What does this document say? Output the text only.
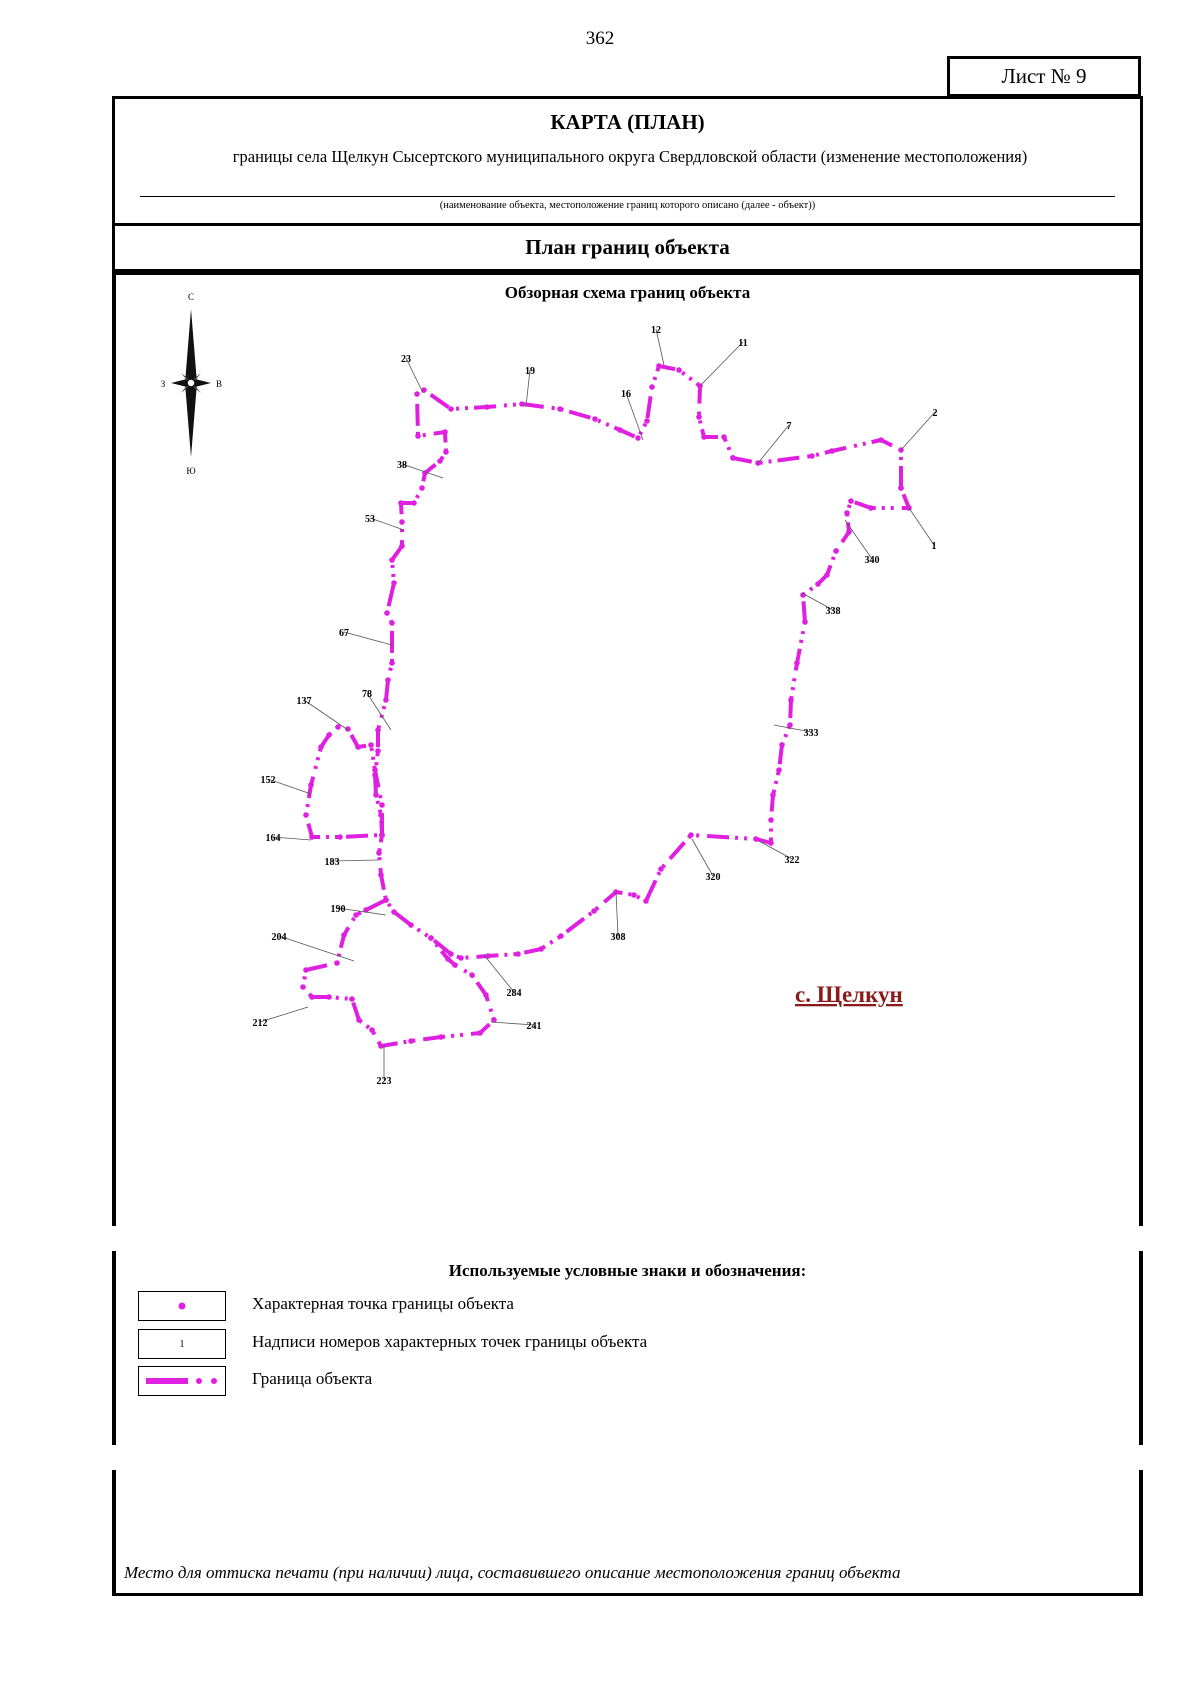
362
Лист № 9
КАРТА (ПЛАН)
границы села Щелкун Сысертского муниципального округа Свердловской области (изменение местоположения)
(наименование объекта, местоположение границ которого описано (далее - объект))
План границ объекта
Обзорная схема границ объекта
С
Ю
З	В
1
2
7
11
12
16
19
23
38
53
67
78
137
152
164
183
190
204
212
223
241
284
308
320
322
333
338
340
с. Щелкун
Используемые условные знаки и обозначения:
Характерная точка границы объекта
1	Надписи номеров характерных точек границы объекта
Граница объекта
Место для оттиска печати (при наличии) лица, составившего описание местоположения границ объекта
